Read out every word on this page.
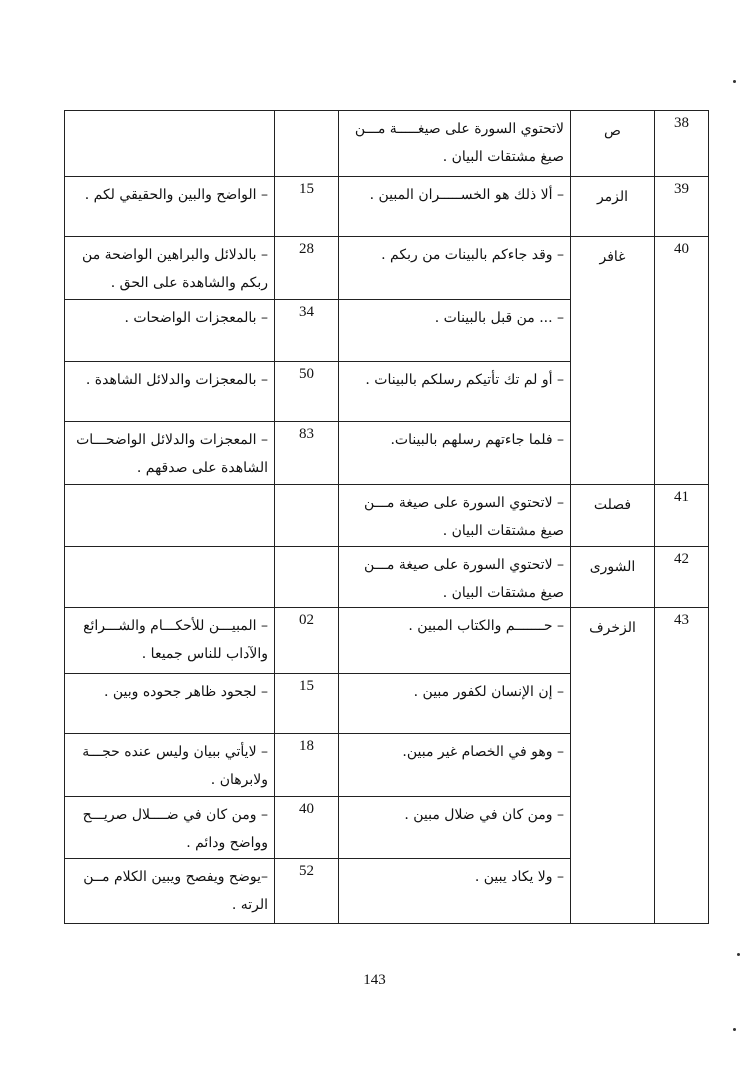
38	ص	لاتحتوي السورة على صيغـــــة مـــن صيغ مشتقات البيان .		
39	الزمر	– ألا ذلك هو الخســـــران المبين .	15	– الواضح والبين والحقيقي لكم .
40	غافر	– وقد جاءكم بالبينات من ربكم .	28	– بالدلائل والبراهين الواضحة من ربكم والشاهدة على الحق .
		– ... من قبل بالبينات .	34	– بالمعجزات الواضحات .
		– أو لم تك تأتيكم رسلكم بالبينات .	50	– بالمعجزات والدلائل الشاهدة .
		– فلما جاءتهم رسلهم بالبينات.	83	– المعجزات والدلائل الواضحـــات الشاهدة على صدقهم .
41	فصلت	– لاتحتوي السورة على صيغة مـــن صيغ مشتقات البيان .		
42	الشورى	– لاتحتوي السورة على صيغة مـــن صيغ مشتقات البيان .		
43	الزخرف	– حـــــــم والكتاب المبين .	02	– المبيـــن للأحكـــام والشـــرائع والآداب للناس جميعا .
		– إن الإنسان لكفور مبين .	15	– لجحود ظاهر جحوده وبين .
		– وهو في الخصام غير مبين.	18	– لايأتي ببيان وليس عنده حجـــة ولابرهان .
		– ومن كان في ضلال مبين .	40	– ومن كان في ضــــلال صريـــح وواضح ودائم .
		– ولا يكاد يبين .	52	–يوضح ويفصح ويبين الكلام مــن الرته .
143
